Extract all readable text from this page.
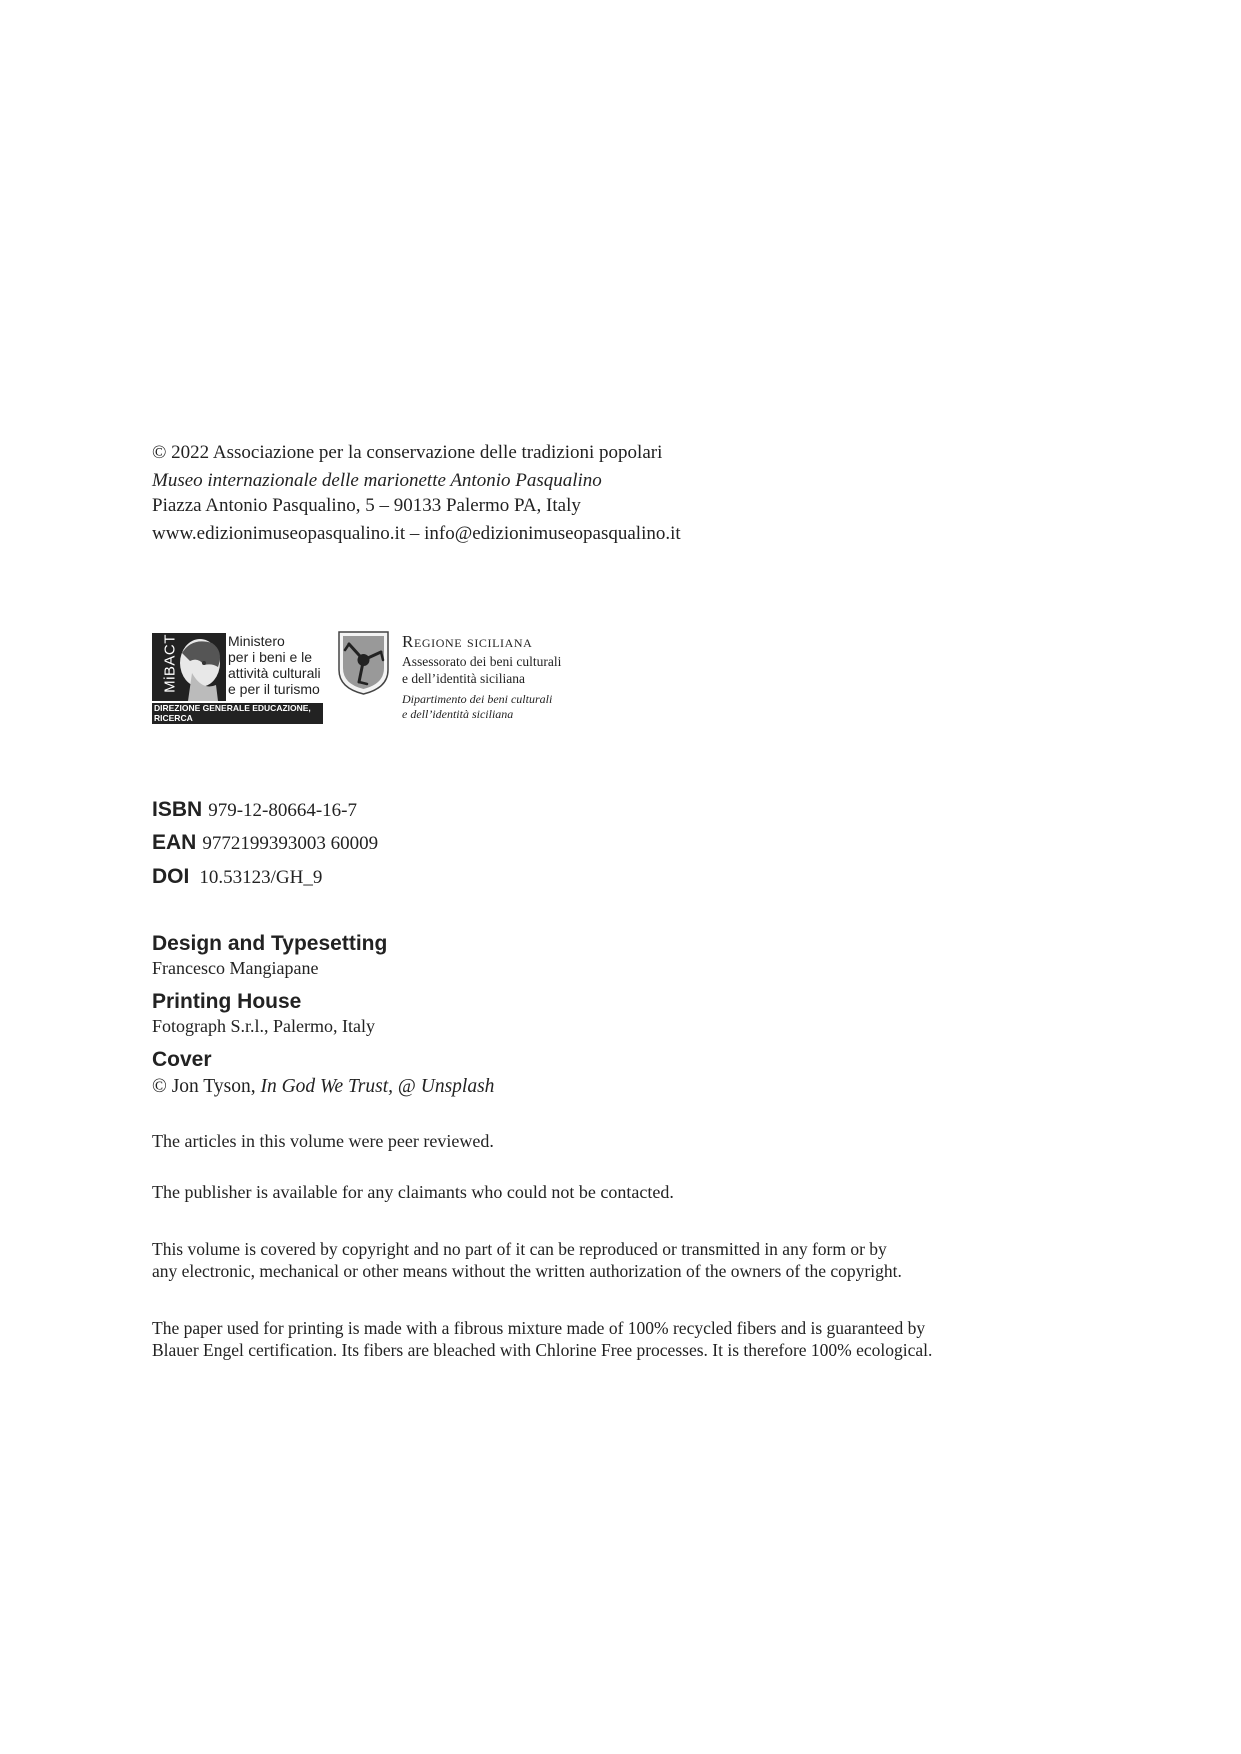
© 2022 Associazione per la conservazione delle tradizioni popolari
Museo internazionale delle marionette Antonio Pasqualino
Piazza Antonio Pasqualino, 5 – 90133 Palermo PA, Italy
www.edizionimuseopasqualino.it – info@edizionimuseopasqualino.it
MiBACT	Ministero
per i beni e le
attività culturali
e per il turismo
DIREZIONE GENERALE EDUCAZIONE, RICERCA
E ISTITUTI CULTURALI
Regione siciliana
Assessorato dei beni culturali
e dell’identità siciliana
Dipartimento dei beni culturali
e dell’identità siciliana
ISBN 979-12-80664-16-7
EAN 9772199393003 60009
DOI 10.53123/GH_9
Design and Typesetting
Francesco Mangiapane
Printing House
Fotograph S.r.l., Palermo, Italy
Cover
© Jon Tyson, In God We Trust, @ Unsplash
The articles in this volume were peer reviewed.
The publisher is available for any claimants who could not be contacted.
This volume is covered by copyright and no part of it can be reproduced or transmitted in any form or by
any electronic, mechanical or other means without the written authorization of the owners of the copyright.
The paper used for printing is made with a fibrous mixture made of 100% recycled fibers and is guaranteed by
Blauer Engel certification. Its fibers are bleached with Chlorine Free processes. It is therefore 100% ecological.
